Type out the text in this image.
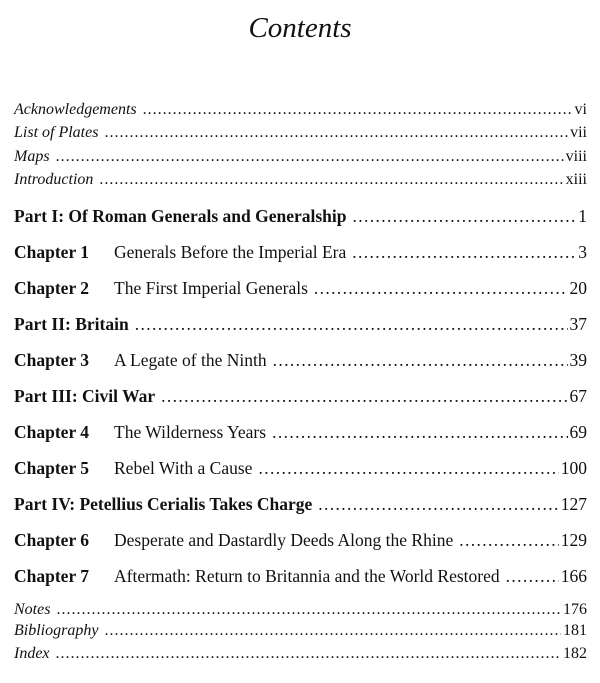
Contents
Acknowledgements . . .	vi
List of Plates . . .	vii
Maps . . .	viii
Introduction . . .	xiii
Part I: Of Roman Generals and Generalship . . .	1
Chapter 1	Generals Before the Imperial Era . . .	3
Chapter 2	The First Imperial Generals . . .	20
Part II: Britain . . .	37
Chapter 3	A Legate of the Ninth . . .	39
Part III: Civil War . . .	67
Chapter 4	The Wilderness Years . . .	69
Chapter 5	Rebel With a Cause . . .	100
Part IV: Petellius Cerialis Takes Charge . . .	127
Chapter 6	Desperate and Dastardly Deeds Along the Rhine . . .	129
Chapter 7	Aftermath: Return to Britannia and the World Restored . . .	166
Notes . . .	176
Bibliography . . .	181
Index . . .	182
